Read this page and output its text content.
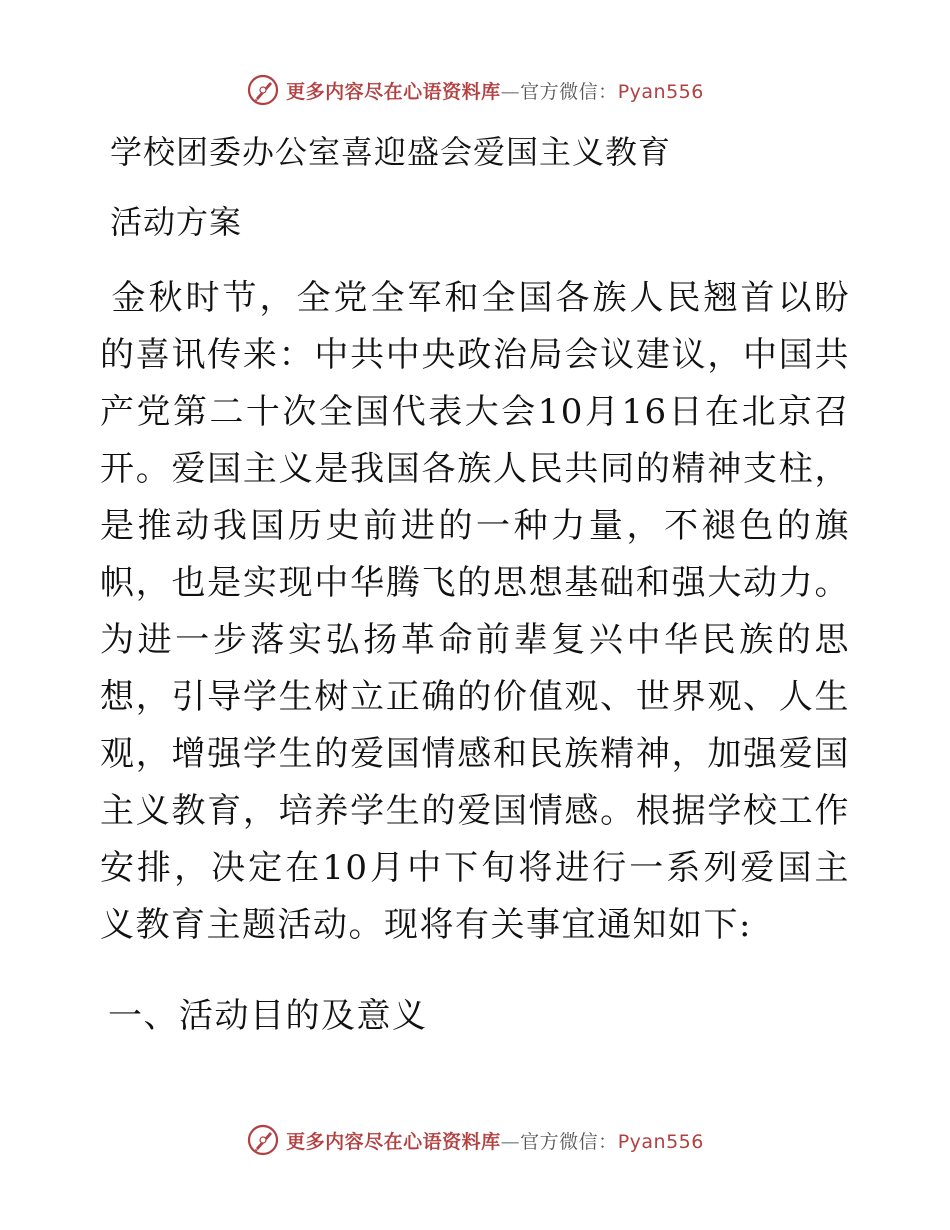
更多内容尽在心语资料库—官方微信：Pyan556
学校团委办公室喜迎盛会爱国主义教育
活动方案
金秋时节，全党全军和全国各族人民翘首以盼的喜讯传来：中共中央政治局会议建议，中国共产党第二十次全国代表大会10月16日在北京召开。爱国主义是我国各族人民共同的精神支柱，是推动我国历史前进的一种力量，不褪色的旗帜，也是实现中华腾飞的思想基础和强大动力。为进一步落实弘扬革命前辈复兴中华民族的思想，引导学生树立正确的价值观、世界观、人生观，增强学生的爱国情感和民族精神，加强爱国主义教育，培养学生的爱国情感。根据学校工作安排，决定在10月中下旬将进行一系列爱国主义教育主题活动。现将有关事宜通知如下:
一、活动目的及意义
更多内容尽在心语资料库—官方微信：Pyan556
